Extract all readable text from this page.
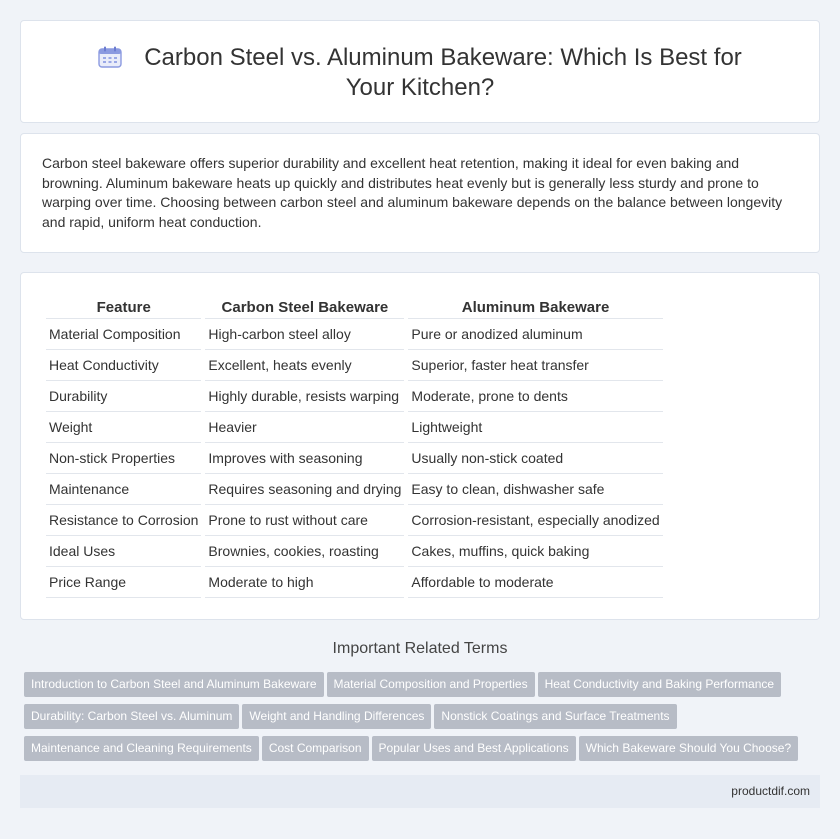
Carbon Steel vs. Aluminum Bakeware: Which Is Best for Your Kitchen?

Carbon steel bakeware offers superior durability and excellent heat retention, making it ideal for even baking and browning. Aluminum bakeware heats up quickly and distributes heat evenly but is generally less sturdy and prone to warping over time. Choosing between carbon steel and aluminum bakeware depends on the balance between longevity and rapid, uniform heat conduction.

Feature	Carbon Steel Bakeware	Aluminum Bakeware
Material Composition	High-carbon steel alloy	Pure or anodized aluminum
Heat Conductivity	Excellent, heats evenly	Superior, faster heat transfer
Durability	Highly durable, resists warping	Moderate, prone to dents
Weight	Heavier	Lightweight
Non-stick Properties	Improves with seasoning	Usually non-stick coated
Maintenance	Requires seasoning and drying	Easy to clean, dishwasher safe
Resistance to Corrosion	Prone to rust without care	Corrosion-resistant, especially anodized
Ideal Uses	Brownies, cookies, roasting	Cakes, muffins, quick baking
Price Range	Moderate to high	Affordable to moderate
Important Related Terms
Introduction to Carbon Steel and Aluminum Bakeware Material Composition and Properties Heat Conductivity and Baking Performance
Durability: Carbon Steel vs. Aluminum Weight and Handling Differences Nonstick Coatings and Surface Treatments
Maintenance and Cleaning Requirements Cost Comparison Popular Uses and Best Applications Which Bakeware Should You Choose?
productdif.com
